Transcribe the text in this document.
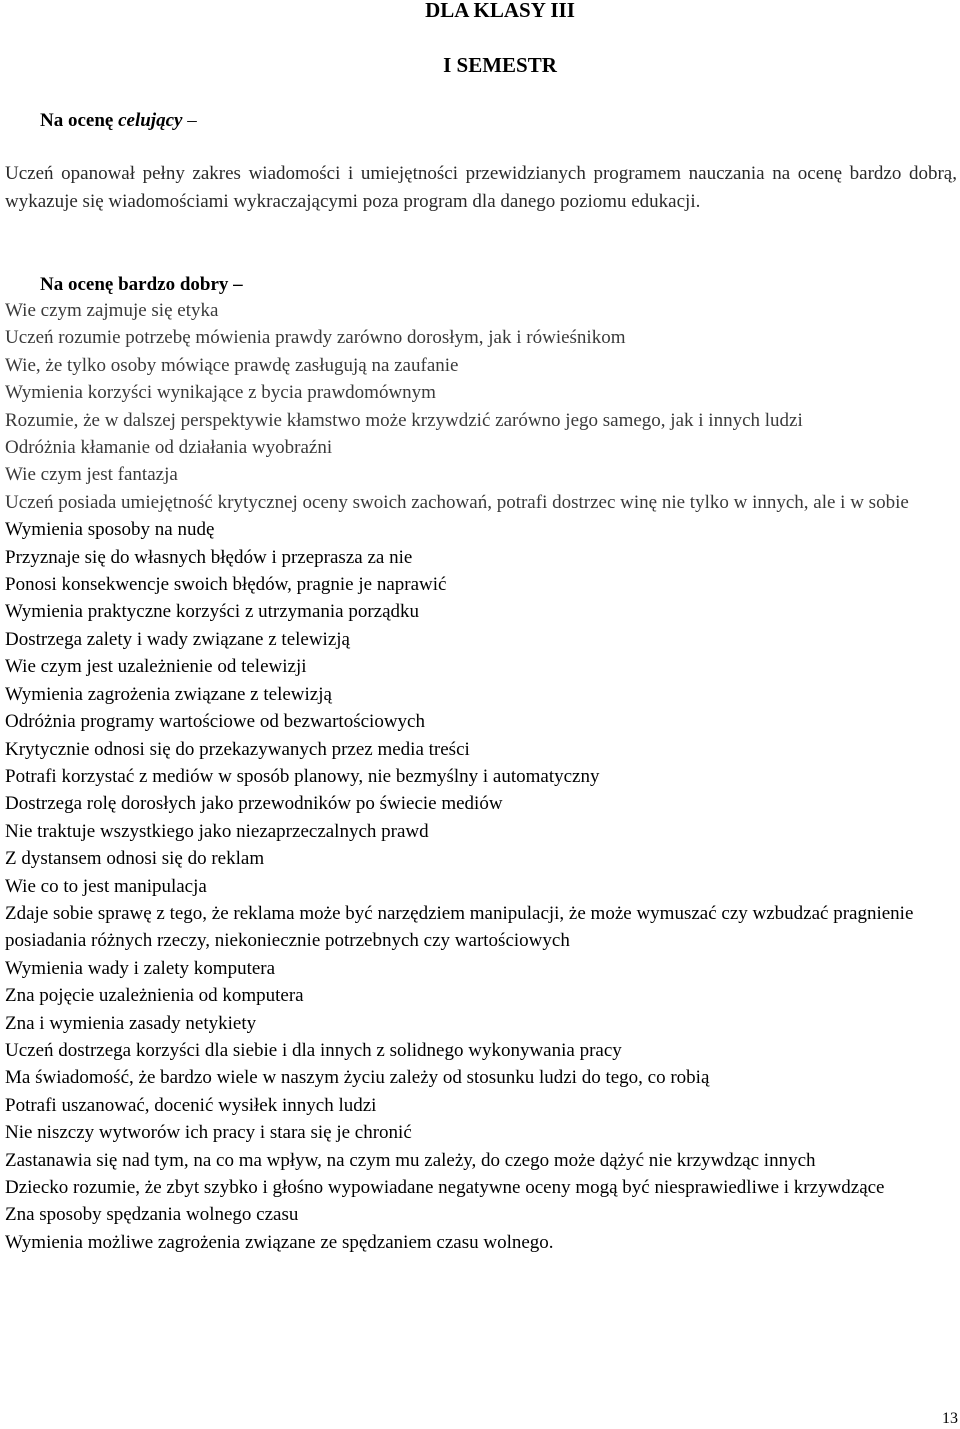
DLA KLASY III
I SEMESTR

Na ocenę celujący –

Uczeń opanował pełny zakres wiadomości i umiejętności przewidzianych programem nauczania na ocenę bardzo dobrą, wykazuje się wiadomościami wykraczającymi poza program dla danego poziomu edukacji.

Na ocenę bardzo dobry –

Wie czym zajmuje się etyka
Uczeń rozumie potrzebę mówienia prawdy zarówno dorosłym, jak i rówieśnikom
Wie, że tylko osoby mówiące prawdę zasługują na zaufanie
Wymienia korzyści wynikające z bycia prawdomównym
Rozumie, że w dalszej perspektywie kłamstwo może krzywdzić zarówno jego samego, jak i innych ludzi
Odróżnia kłamanie od działania wyobraźni
Wie czym jest fantazja
Uczeń posiada umiejętność krytycznej oceny swoich zachowań, potrafi dostrzec winę nie tylko w innych, ale i w sobie
Wymienia sposoby na nudę
Przyznaje się do własnych błędów i przeprasza za nie
Ponosi konsekwencje swoich błędów, pragnie je naprawić
Wymienia praktyczne korzyści z utrzymania porządku
Dostrzega zalety i wady związane z telewizją
Wie czym jest uzależnienie od telewizji
Wymienia zagrożenia związane z telewizją
Odróżnia programy wartościowe od bezwartościowych
Krytycznie odnosi się do przekazywanych przez media treści
Potrafi korzystać z mediów w sposób planowy, nie bezmyślny i automatyczny
Dostrzega rolę dorosłych jako przewodników po świecie mediów
Nie traktuje wszystkiego jako niezaprzeczalnych prawd
Z dystansem odnosi się do reklam
Wie co to jest manipulacja
Zdaje sobie sprawę z tego, że reklama może być narzędziem manipulacji, że może wymuszać czy wzbudzać pragnienie posiadania różnych rzeczy, niekoniecznie potrzebnych czy wartościowych
Wymienia wady i zalety komputera
Zna pojęcie uzależnienia od komputera
Zna i wymienia zasady netykiety
Uczeń dostrzega korzyści dla siebie i dla innych z solidnego wykonywania pracy
Ma świadomość, że bardzo wiele w naszym życiu zależy od stosunku ludzi do tego, co robią
Potrafi uszanować, docenić wysiłek innych ludzi
Nie niszczy wytworów ich pracy i stara się je chronić
Zastanawia się nad tym, na co ma wpływ, na czym mu zależy, do czego może dążyć nie krzywdząc innych
Dziecko rozumie, że zbyt szybko i głośno wypowiadane negatywne oceny mogą być niesprawiedliwe i krzywdzące
Zna sposoby spędzania wolnego czasu
Wymienia możliwe zagrożenia związane ze spędzaniem czasu wolnego.

13
